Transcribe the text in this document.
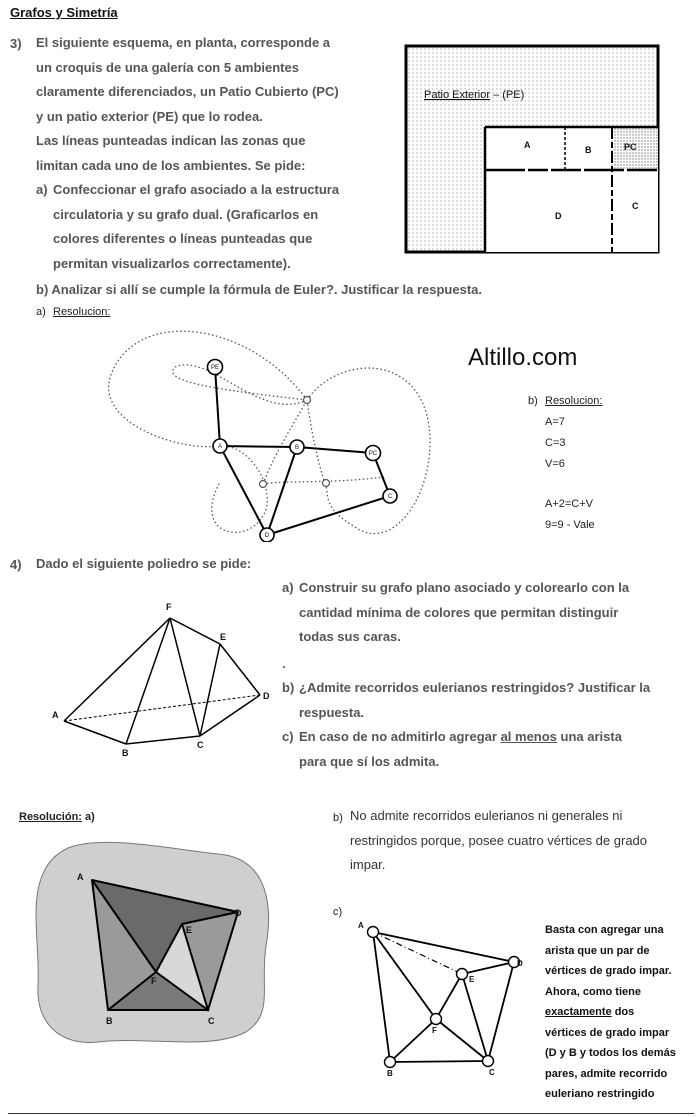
Grafos y Simetría
3) El siguiente esquema, en planta, corresponde a
un croquis de una galería con 5 ambientes
claramente diferenciados, un Patio Cubierto (PC)
y un patio exterior (PE) que lo rodea.
Las líneas punteadas indican las zonas que
limitan cada uno de los ambientes. Se pide:
a) Confeccionar el grafo asociado a la estructura
circulatoria y su grafo dual. (Graficarlos en
colores diferentes o líneas punteadas que
permitan visualizarlos correctamente).
b) Analizar si allí se cumple la fórmula de Euler?. Justificar la respuesta.
Patio Exterior – (PE)
A	B	PC
D
C
a) Resolucion:
PE
A	B
PC
C
D
Altillo.com
b) Resolucion:
A=7
C=3
V=6
A+2=C+V
9=9 - Vale
4) Dado el siguiente poliedro se pide:
F
E
D
A
B
C
a) Construir su grafo plano asociado y colorearlo con la
cantidad mínima de colores que permitan distinguir
todas sus caras.
.
b) ¿Admite recorridos eulerianos restringidos? Justificar la
respuesta.
c) En caso de no admitirlo agregar al menos una arista
para que sí los admita.
Resolución: a)
A
D
E
F
B	C
b) No admite recorridos eulerianos ni generales ni
restringidos porque, posee cuatro vértices de grado
impar.
c)
A
D
E
F
B	C
Basta con agregar una
arista que un par de
vértices de grado impar.
Ahora, como tiene
exactamente dos
vértices de grado impar
(D y B y todos los demás
pares, admite recorrido
euleriano restringido
